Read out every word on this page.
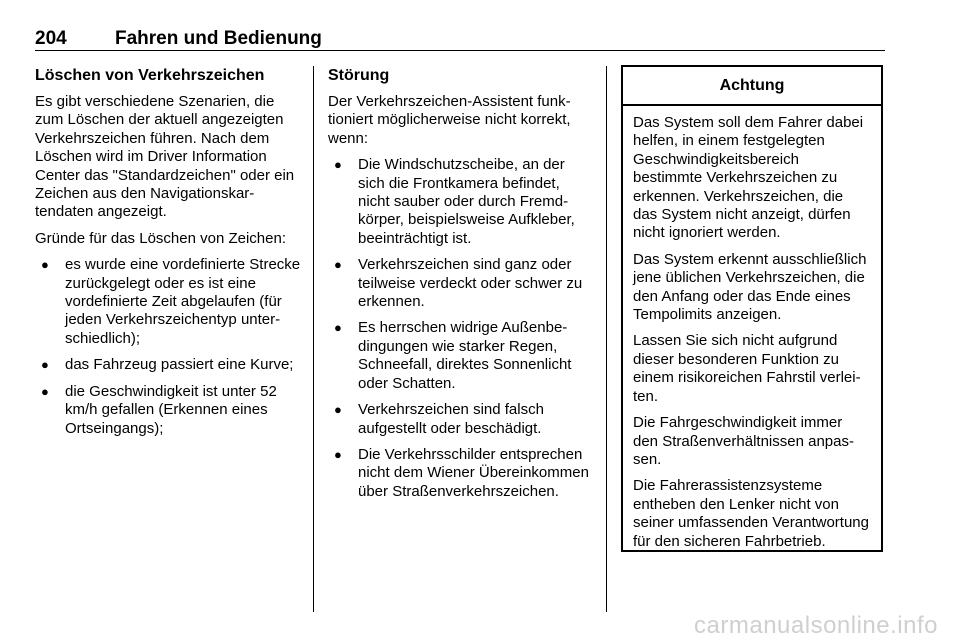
204	Fahren und Bedienung
Löschen von Verkehrszeichen

Es gibt verschiedene Szenarien, die zum Löschen der aktuell angezeigten Verkehrszeichen führen. Nach dem Löschen wird im Driver Information Center das "Standardzeichen" oder ein Zeichen aus den Navigationskartendaten angezeigt.

Gründe für das Löschen von Zeichen:

● es wurde eine vordefinierte Strecke zurückgelegt oder es ist eine vordefinierte Zeit abgelaufen (für jeden Verkehrszeichentyp unterschiedlich);
● das Fahrzeug passiert eine Kurve;
● die Geschwindigkeit ist unter 52 km/h gefallen (Erkennen eines Ortseingangs);
Störung

Der Verkehrszeichen-Assistent funktioniert möglicherweise nicht korrekt, wenn:

● Die Windschutzscheibe, an der sich die Frontkamera befindet, nicht sauber oder durch Fremdkörper, beispielsweise Aufkleber, beeinträchtigt ist.
● Verkehrszeichen sind ganz oder teilweise verdeckt oder schwer zu erkennen.
● Es herrschen widrige Außenbedingungen wie starker Regen, Schneefall, direktes Sonnenlicht oder Schatten.
● Verkehrszeichen sind falsch aufgestellt oder beschädigt.
● Die Verkehrsschilder entsprechen nicht dem Wiener Übereinkommen über Straßenverkehrszeichen.
Achtung

Das System soll dem Fahrer dabei helfen, in einem festgelegten Geschwindigkeitsbereich bestimmte Verkehrszeichen zu erkennen. Verkehrszeichen, die das System nicht anzeigt, dürfen nicht ignoriert werden.

Das System erkennt ausschließlich jene üblichen Verkehrszeichen, die den Anfang oder das Ende eines Tempolimits anzeigen.

Lassen Sie sich nicht aufgrund dieser besonderen Funktion zu einem risikoreichen Fahrstil verleiten.

Die Fahrgeschwindigkeit immer den Straßenverhältnissen anpassen.

Die Fahrerassistenzsysteme entheben den Lenker nicht von seiner umfassenden Verantwortung für den sicheren Fahrbetrieb.

carmanualsonline.info
